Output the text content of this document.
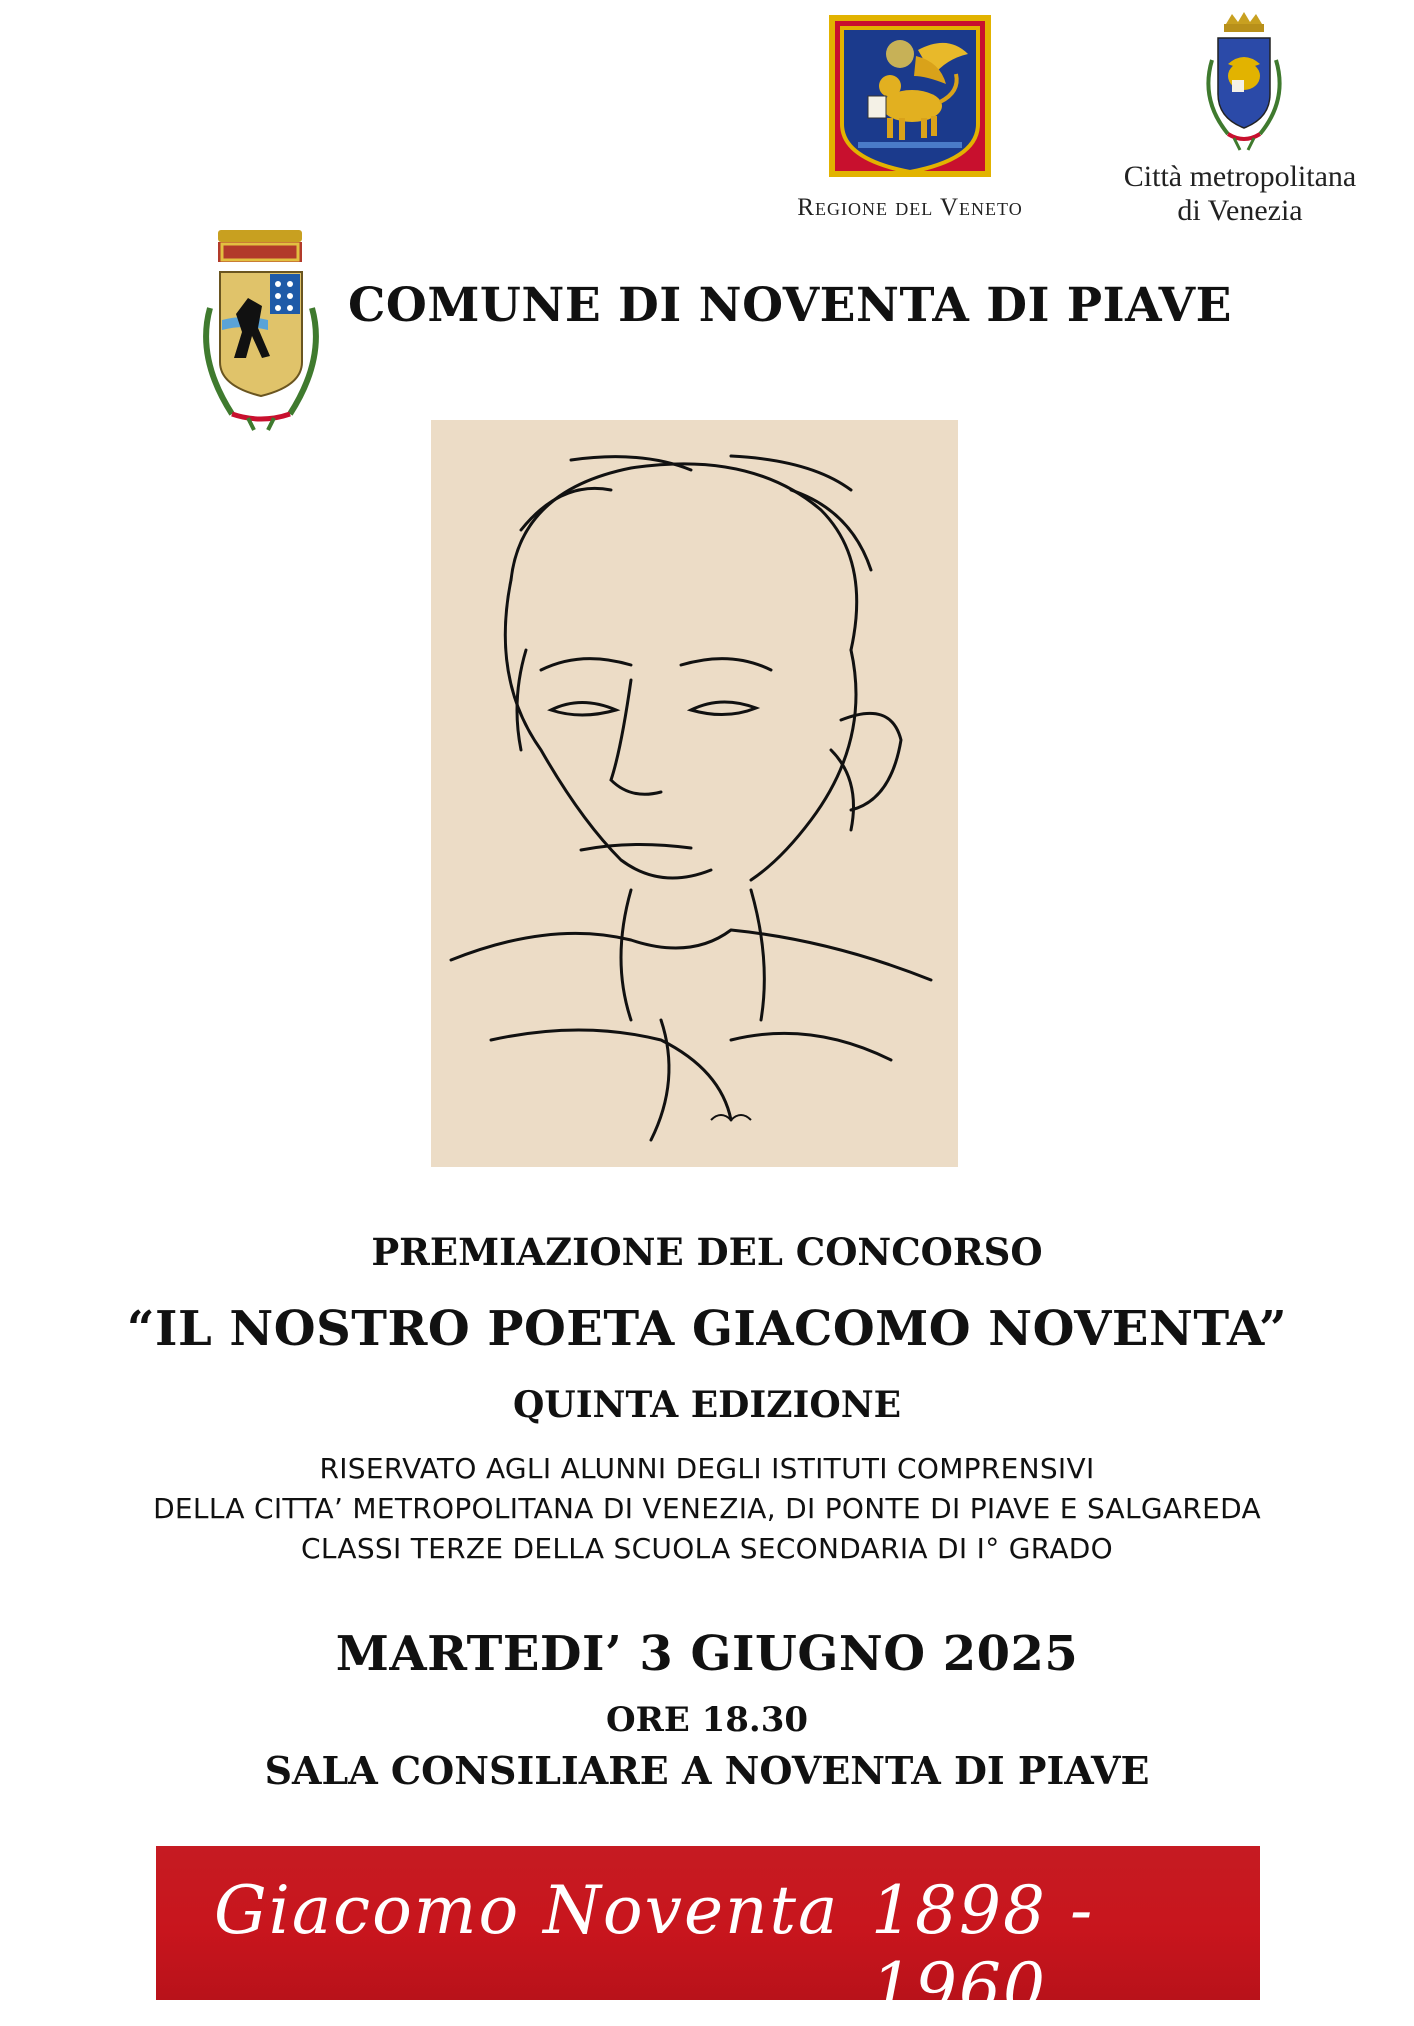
Regione del Veneto
Città metropolitana
di Venezia
COMUNE DI NOVENTA DI PIAVE
PREMIAZIONE DEL CONCORSO
“IL NOSTRO POETA GIACOMO NOVENTA”
QUINTA EDIZIONE
RISERVATO AGLI ALUNNI DEGLI ISTITUTI COMPRENSIVI
DELLA CITTA’ METROPOLITANA DI VENEZIA, DI PONTE DI PIAVE E SALGAREDA
CLASSI TERZE DELLA SCUOLA SECONDARIA DI I° GRADO
MARTEDI’ 3 GIUGNO 2025
ORE 18.30
SALA CONSILIARE A NOVENTA DI PIAVE
Giacomo Noventa 1898 - 1960
